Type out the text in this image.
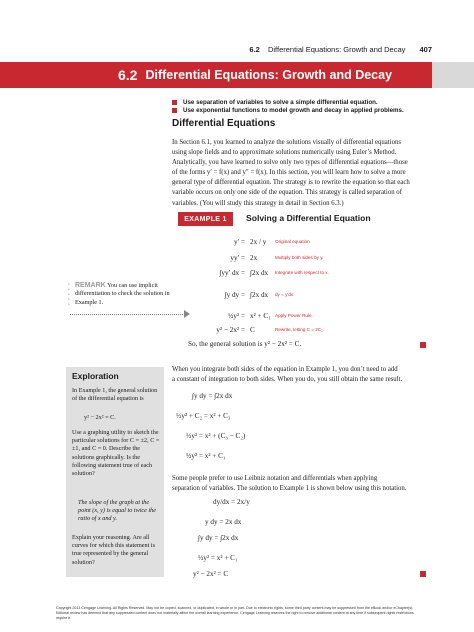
6.2 Differential Equations: Growth and Decay 407
6.2 Differential Equations: Growth and Decay
Use separation of variables to solve a simple differential equation.
Use exponential functions to model growth and decay in applied problems.
Differential Equations
In Section 6.1, you learned to analyze the solutions visually of differential equations
using slope fields and to approximate solutions numerically using Euler’s Method.
Analytically, you have learned to solve only two types of differential equations—those
of the forms y′ = f(x) and y″ = f(x). In this section, you will learn how to solve a more
general type of differential equation. The strategy is to rewrite the equation so that each
variable occurs on only one side of the equation. This strategy is called separation of
variables. (You will study this strategy in detail in Section 6.3.)
EXAMPLE 1	Solving a Differential Equation
y′ = 2x / y Original equation
yy′ = 2x	Multiply both sides by y.
∫yy′ dx = ∫2x dx Integrate with respect to x.
∫y dy = ∫2x dx dy = y′dx
½y² = x² + C₁ Apply Power Rule.
y² − 2x² = C	Rewrite, letting C = 2C₁.
So, the general solution is y² − 2x² = C.
•
•
•
•
•
REMARK You can use implicit differentiation to check the solution in Example 1.
When you integrate both sides of the equation in Example 1, you don’t need to add
a constant of integration to both sides. When you do, you still obtain the same result.
∫y dy = ∫2x dx
½y² + C₂ = x² + C₃
½y² = x² + (C₃ − C₂)
½y² = x² + C₁
Some people prefer to use Leibniz notation and differentials when applying
separation of variables. The solution to Example 1 is shown below using this notation.
dy/dx = 2x/y
y dy = 2x dx
∫y dy = ∫2x dx
½y² = x² + C₁
y² − 2x² = C
Exploration
In Example 1, the general solution of the differential equation is
y² − 2x² = C.
Use a graphing utility to sketch the particular solutions for C = ±2, C = ±1, and C = 0. Describe the solutions graphically. Is the following statement true of each solution?
The slope of the graph at the point (x, y) is equal to twice the ratio of x and y.
Explain your reasoning. Are all curves for which this statement is true represented by the general solution?
Copyright 2013 Cengage Learning. All Rights Reserved. May not be copied, scanned, or duplicated, in whole or in part. Due to electronic rights, some third party content may be suppressed from the eBook and/or eChapter(s). Editorial review has deemed that any suppressed content does not materially affect the overall learning experience. Cengage Learning reserves the right to remove additional content at any time if subsequent rights restrictions require it.
